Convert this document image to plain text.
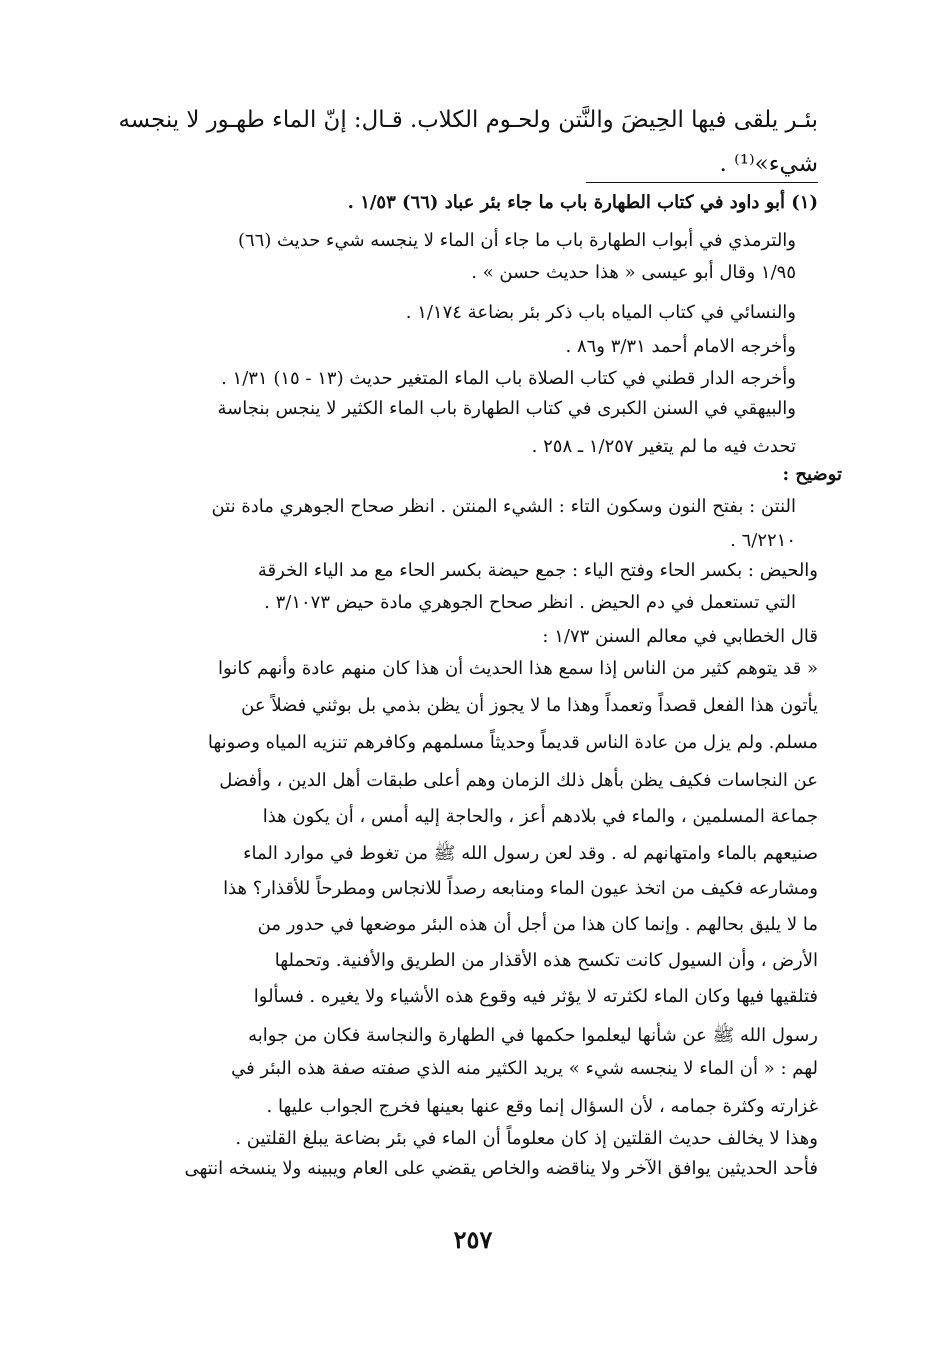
بئـر يلقى فيها الحِيضَ والنَّتن ولحـوم الكلاب. قـال: إنّ الماء طهـور لا ينجسه
شيء»⁽¹⁾ .
(١) أبو داود في كتاب الطهارة باب ما جاء بئر عباد (٦٦) ١/٥٣ .
والترمذي في أبواب الطهارة باب ما جاء أن الماء لا ينجسه شيء حديث (٦٦)
١/٩٥ وقال أبو عيسى « هذا حديث حسن » .
والنسائي في كتاب المياه باب ذكر بئر بضاعة ١/١٧٤ .
وأخرجه الامام أحمد ٣/٣١ و٨٦ .
وأخرجه الدار قطني في كتاب الصلاة باب الماء المتغير حديث (١٣ - ١٥) ١/٣١ .
والبيهقي في السنن الكبرى في كتاب الطهارة باب الماء الكثير لا ينجس بنجاسة
تحدث فيه ما لم يتغير ١/٢٥٧ ـ ٢٥٨ .
توضيح :
النتن : بفتح النون وسكون التاء : الشيء المنتن . انظر صحاح الجوهري مادة نتن
٦/٢٢١٠ .
والحيض : بكسر الحاء وفتح الياء : جمع حيضة بكسر الحاء مع مد الياء الخرقة
التي تستعمل في دم الحيض . انظر صحاح الجوهري مادة حيض ٣/١٠٧٣ .
قال الخطابي في معالم السنن ١/٧٣ :
« قد يتوهم كثير من الناس إذا سمع هذا الحديث أن هذا كان منهم عادة وأنهم كانوا
يأتون هذا الفعل قصداً وتعمداً وهذا ما لا يجوز أن يظن بذمي بل بوثني فضلاً عن
مسلم. ولم يزل من عادة الناس قديماً وحديثاً مسلمهم وكافرهم تنزيه المياه وصونها
عن النجاسات فكيف يظن بأهل ذلك الزمان وهم أعلى طبقات أهل الدين ، وأفضل
جماعة المسلمين ، والماء في بلادهم أعز ، والحاجة إليه أمس ، أن يكون هذا
صنيعهم بالماء وامتهانهم له . وقد لعن رسول الله ﷺ من تغوط في موارد الماء
ومشارعه فكيف من اتخذ عيون الماء ومنابعه رصداً للانجاس ومطرحاً للأقذار؟ هذا
ما لا يليق بحالهم . وإنما كان هذا من أجل أن هذه البئر موضعها في حدور من
الأرض ، وأن السيول كانت تكسح هذه الأقذار من الطريق والأفنية. وتحملها
فتلقيها فيها وكان الماء لكثرته لا يؤثر فيه وقوع هذه الأشياء ولا يغيره . فسألوا
رسول الله ﷺ عن شأنها ليعلموا حكمها في الطهارة والنجاسة فكان من جوابه
لهم : « أن الماء لا ينجسه شيء » يريد الكثير منه الذي صفته صفة هذه البئر في
غزارته وكثرة جمامه ، لأن السؤال إنما وقع عنها بعينها فخرج الجواب عليها .
وهذا لا يخالف حديث القلتين إذ كان معلوماً أن الماء في بئر بضاعة يبلغ القلتين .
فأحد الحديثين يوافق الآخر ولا يناقضه والخاص يقضي على العام ويبينه ولا ينسخه انتهى
٢٥٧
